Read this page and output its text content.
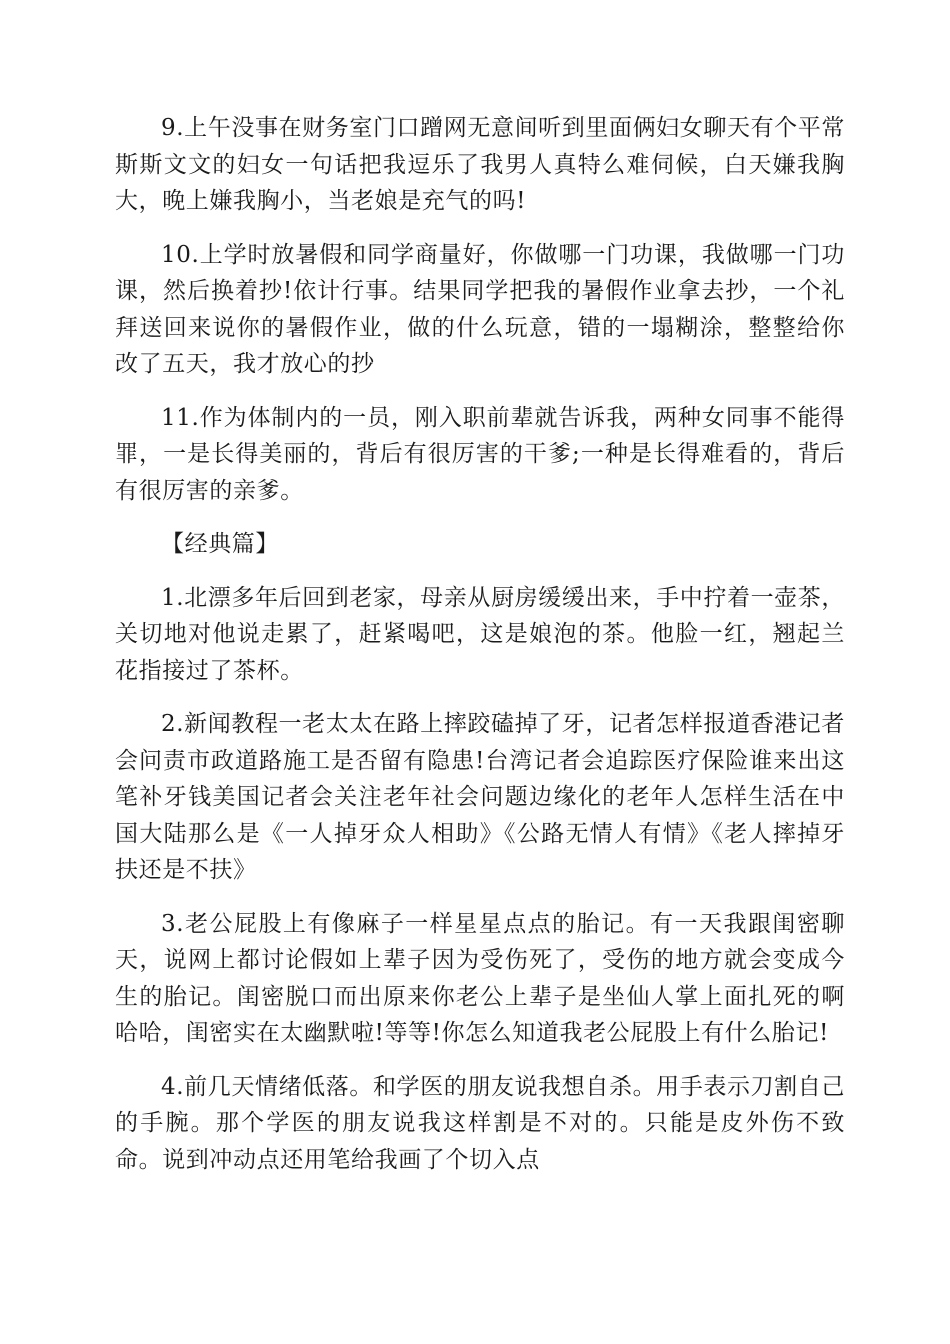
9.上午没事在财务室门口蹭网无意间听到里面俩妇女聊天有个平常斯斯文文的妇女一句话把我逗乐了我男人真特么难伺候，白天嫌我胸大，晚上嫌我胸小，当老娘是充气的吗!

10.上学时放暑假和同学商量好，你做哪一门功课，我做哪一门功课，然后换着抄!依计行事。结果同学把我的暑假作业拿去抄，一个礼拜送回来说你的暑假作业，做的什么玩意，错的一塌糊涂，整整给你改了五天，我才放心的抄

11.作为体制内的一员，刚入职前辈就告诉我，两种女同事不能得罪，一是长得美丽的，背后有很厉害的干爹;一种是长得难看的，背后有很厉害的亲爹。

【经典篇】

1.北漂多年后回到老家，母亲从厨房缓缓出来，手中拧着一壶茶，关切地对他说走累了，赶紧喝吧，这是娘泡的茶。他脸一红，翘起兰花指接过了茶杯。

2.新闻教程一老太太在路上摔跤磕掉了牙，记者怎样报道香港记者会问责市政道路施工是否留有隐患!台湾记者会追踪医疗保险谁来出这笔补牙钱美国记者会关注老年社会问题边缘化的老年人怎样生活在中国大陆那么是《一人掉牙众人相助》《公路无情人有情》《老人摔掉牙扶还是不扶》

3.老公屁股上有像麻子一样星星点点的胎记。有一天我跟闺密聊天，说网上都讨论假如上辈子因为受伤死了，受伤的地方就会变成今生的胎记。闺密脱口而出原来你老公上辈子是坐仙人掌上面扎死的啊哈哈，闺密实在太幽默啦!等等!你怎么知道我老公屁股上有什么胎记!

4.前几天情绪低落。和学医的朋友说我想自杀。用手表示刀割自己的手腕。那个学医的朋友说我这样割是不对的。只能是皮外伤不致命。说到冲动点还用笔给我画了个切入点
